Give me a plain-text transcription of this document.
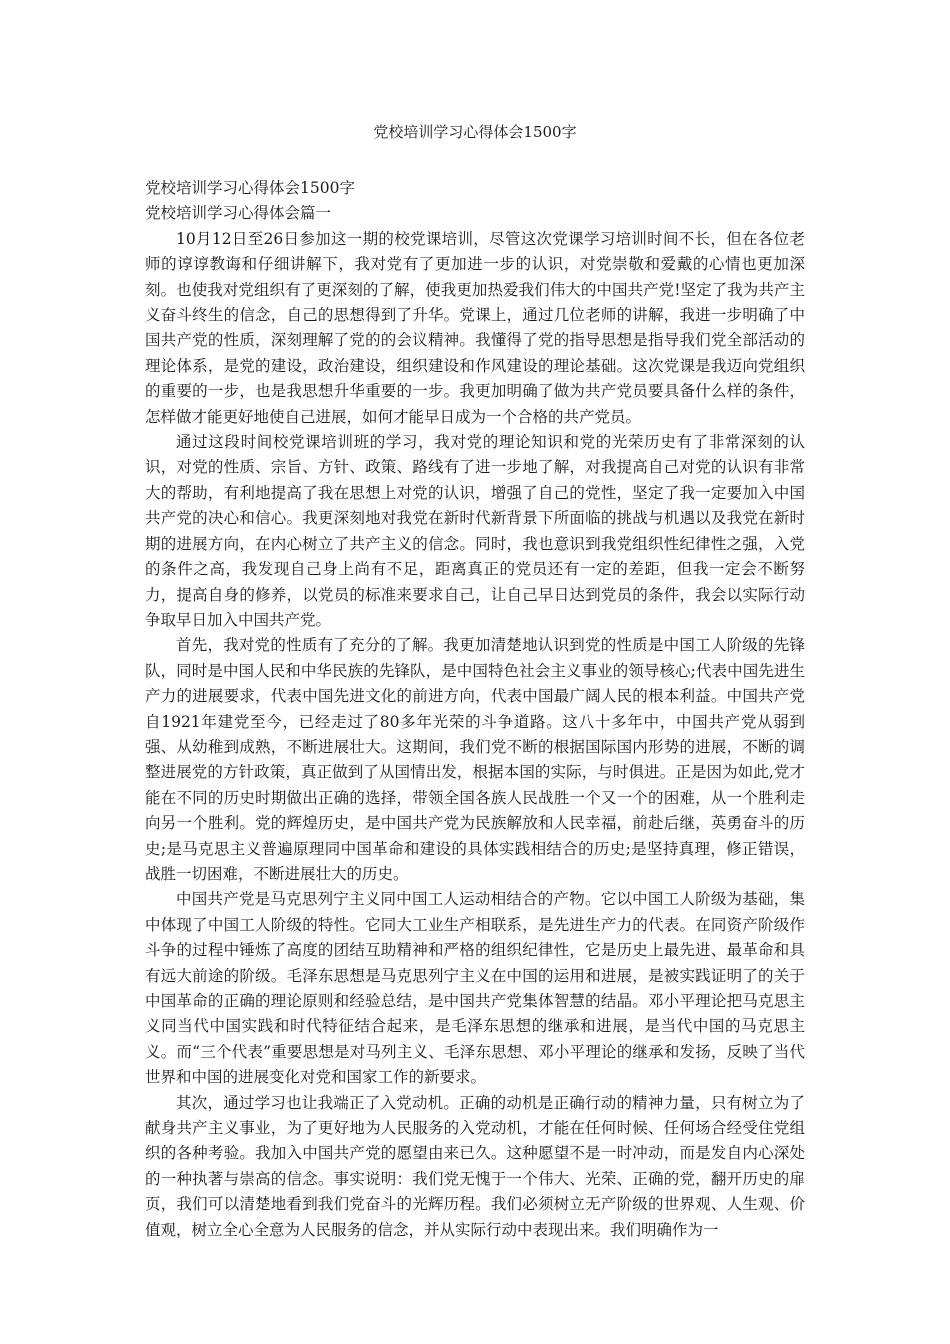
党校培训学习心得体会1500字

党校培训学习心得体会1500字

党校培训学习心得体会篇一

10月12日至26日参加这一期的校党课培训，尽管这次党课学习培训时间不长，但在各位老师的谆谆教诲和仔细讲解下，我对党有了更加进一步的认识，对党崇敬和爱戴的心情也更加深刻。也使我对党组织有了更深刻的了解，使我更加热爱我们伟大的中国共产党!坚定了我为共产主义奋斗终生的信念，自己的思想得到了升华。党课上，通过几位老师的讲解，我进一步明确了中国共产党的性质，深刻理解了党的的会议精神。我懂得了党的指导思想是指导我们党全部活动的理论体系，是党的建设，政治建设，组织建设和作风建设的理论基础。这次党课是我迈向党组织的重要的一步，也是我思想升华重要的一步。我更加明确了做为共产党员要具备什么样的条件，怎样做才能更好地使自己进展，如何才能早日成为一个合格的共产党员。

通过这段时间校党课培训班的学习，我对党的理论知识和党的光荣历史有了非常深刻的认识，对党的性质、宗旨、方针、政策、路线有了进一步地了解，对我提高自己对党的认识有非常大的帮助，有利地提高了我在思想上对党的认识，增强了自己的党性，坚定了我一定要加入中国共产党的决心和信心。我更深刻地对我党在新时代新背景下所面临的挑战与机遇以及我党在新时期的进展方向，在内心树立了共产主义的信念。同时，我也意识到我党组织性纪律性之强，入党的条件之高，我发现自己身上尚有不足，距离真正的党员还有一定的差距，但我一定会不断努力，提高自身的修养，以党员的标准来要求自己，让自己早日达到党员的条件，我会以实际行动争取早日加入中国共产党。

首先，我对党的性质有了充分的了解。我更加清楚地认识到党的性质是中国工人阶级的先锋队，同时是中国人民和中华民族的先锋队，是中国特色社会主义事业的领导核心;代表中国先进生产力的进展要求，代表中国先进文化的前进方向，代表中国最广阔人民的根本利益。中国共产党自1921年建党至今，已经走过了80多年光荣的斗争道路。这八十多年中，中国共产党从弱到强、从幼稚到成熟，不断进展壮大。这期间，我们党不断的根据国际国内形势的进展，不断的调整进展党的方针政策，真正做到了从国情出发，根据本国的实际，与时俱进。正是因为如此,党才能在不同的历史时期做出正确的选择，带领全国各族人民战胜一个又一个的困难，从一个胜利走向另一个胜利。党的辉煌历史，是中国共产党为民族解放和人民幸福，前赴后继，英勇奋斗的历史;是马克思主义普遍原理同中国革命和建设的具体实践相结合的历史;是坚持真理，修正错误，战胜一切困难，不断进展壮大的历史。

中国共产党是马克思列宁主义同中国工人运动相结合的产物。它以中国工人阶级为基础，集中体现了中国工人阶级的特性。它同大工业生产相联系，是先进生产力的代表。在同资产阶级作斗争的过程中锤炼了高度的团结互助精神和严格的组织纪律性，它是历史上最先进、最革命和具有远大前途的阶级。毛泽东思想是马克思列宁主义在中国的运用和进展，是被实践证明了的关于中国革命的正确的理论原则和经验总结，是中国共产党集体智慧的结晶。邓小平理论把马克思主义同当代中国实践和时代特征结合起来，是毛泽东思想的继承和进展，是当代中国的马克思主义。而“三个代表”重要思想是对马列主义、毛泽东思想、邓小平理论的继承和发扬，反映了当代世界和中国的进展变化对党和国家工作的新要求。

其次，通过学习也让我端正了入党动机。正确的动机是正确行动的精神力量，只有树立为了献身共产主义事业，为了更好地为人民服务的入党动机，才能在任何时候、任何场合经受住党组织的各种考验。我加入中国共产党的愿望由来已久。这种愿望不是一时冲动，而是发自内心深处的一种执著与崇高的信念。事实说明：我们党无愧于一个伟大、光荣、正确的党，翻开历史的扉页，我们可以清楚地看到我们党奋斗的光辉历程。我们必须树立无产阶级的世界观、人生观、价值观，树立全心全意为人民服务的信念，并从实际行动中表现出来。我们明确作为一
